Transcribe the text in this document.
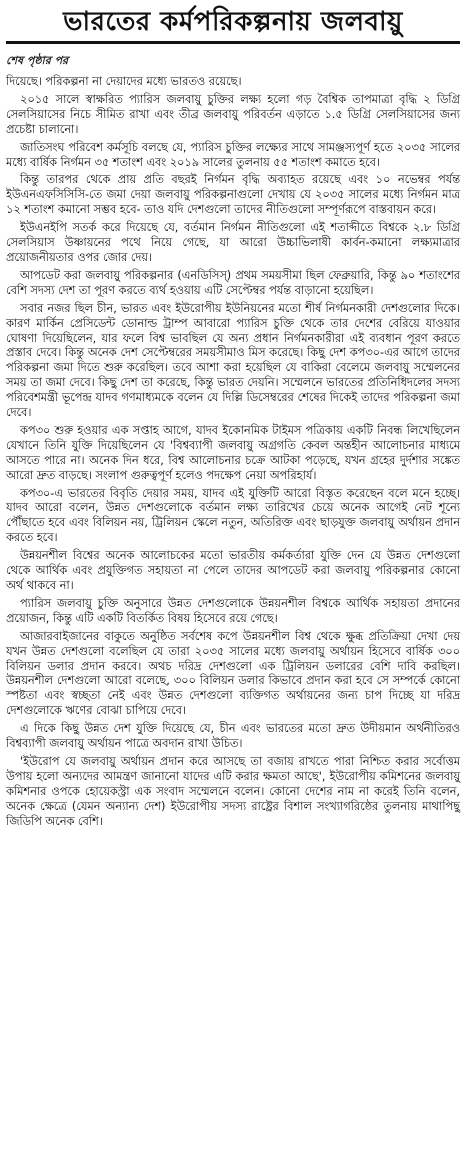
ভারতের কর্মপরিকল্পনায় জলবায়ু
শেষ পৃষ্ঠার পর

দিয়েছে। পরিকল্পনা না দেয়াদের মধ্যে ভারতও রয়েছে।

২০১৫ সালে স্বাক্ষরিত প্যারিস জলবায়ু চুক্তির লক্ষ্য হলো গড় বৈশ্বিক তাপমাত্রা বৃদ্ধি ২ ডিগ্রি সেলসিয়াসের নিচে সীমিত রাখা এবং তীব্র জলবায়ু পরিবর্তন এড়াতে ১.৫ ডিগ্রি সেলসিয়াসের জন্য প্রচেষ্টা চালানো।

জাতিসংঘ পরিবেশ কর্মসূচি বলছে যে, প্যারিস চুক্তির লক্ষ্যের সাথে সামঞ্জস্যপূর্ণ হতে ২০৩৫ সালের মধ্যে বার্ষিক নির্গমন ৩৫ শতাংশ এবং ২০১৯ সালের তুলনায় ৫৫ শতাংশ কমাতে হবে।

কিন্তু তারপর থেকে প্রায় প্রতি বছরই নির্গমন বৃদ্ধি অব্যাহত রয়েছে এবং ১০ নভেম্বর পর্যন্ত ইউএনএফসিসিসি-তে জমা দেয়া জলবায়ু পরিকল্পনাগুলো দেখায় যে ২০৩৫ সালের মধ্যে নির্গমন মাত্র ১২ শতাংশ কমানো সম্ভব হবে- তাও যদি দেশগুলো তাদের নীতিগুলো সম্পূর্ণরূপে বাস্তবায়ন করে।

ইউএনইপি সতর্ক করে দিয়েছে যে, বর্তমান নির্গমন নীতিগুলো এই শতাব্দীতে বিশ্বকে ২.৮ ডিগ্রি সেলসিয়াস উষ্ণায়নের পথে নিয়ে গেছে, যা আরো উচ্চাভিলাষী কার্বন-কমানো লক্ষ্যমাত্রার প্রয়োজনীয়তার ওপর জোর দেয়।

আপডেট করা জলবায়ু পরিকল্পনার (এনডিসিস্) প্রথম সময়সীমা ছিল ফেব্রুয়ারি, কিন্তু ৯০ শতাংশের বেশি সদস্য দেশ তা পূরণ করতে ব্যর্থ হওয়ায় এটি সেপ্টেম্বর পর্যন্ত বাড়ানো হয়েছিল।

সবার নজর ছিল চীন, ভারত এবং ইউরোপীয় ইউনিয়নের মতো শীর্ষ নির্গমনকারী দেশগুলোর দিকে। কারণ মার্কিন প্রেসিডেন্ট ডোনাল্ড ট্রাম্প আবারো প্যারিস চুক্তি থেকে তার দেশের বেরিয়ে যাওয়ার ঘোষণা দিয়েছিলেন, যার ফলে বিশ্ব ভাবছিল যে অন্য প্রধান নির্গমনকারীরা এই ব্যবধান পূরণ করতে প্রস্তাব দেবে। কিন্তু অনেক দেশ সেপ্টেম্বরের সময়সীমাও মিস করেছে। কিছু দেশ কপ৩০-এর আগে তাদের পরিকল্পনা জমা দিতে শুরু করেছিল। তবে আশা করা হয়েছিল যে বাকিরা বেলেমে জলবায়ু সম্মেলনের সময় তা জমা দেবে। কিছু দেশ তা করেছে, কিন্তু ভারত দেয়নি। সম্মেলনে ভারতের প্রতিনিধিদলের সদস্য পরিবেশমন্ত্রী ভূপেন্দ্র যাদব গণমাধ্যমকে বলেন যে দিল্লি ডিসেম্বরের শেষের দিকেই তাদের পরিকল্পনা জমা দেবে।

কপ৩০ শুরু হওয়ার এক সপ্তাহ আগে, যাদব ইকোনমিক টাইমস পত্রিকায় একটি নিবন্ধ লিখেছিলেন যেখানে তিনি যুক্তি দিয়েছিলেন যে 'বিশ্বব্যাপী জলবায়ু অগ্রগতি কেবল অন্তহীন আলোচনার মাধ্যমে আসতে পারে না। অনেক দিন ধরে, বিশ্ব আলোচনার চক্রে আটকা পড়েছে, যখন গ্রহের দুর্দশার সঙ্কেত আরো দ্রুত বাড়ছে। সংলাপ গুরুত্বপূর্ণ হলেও পদক্ষেপ নেয়া অপরিহার্য।

কপ৩০-এ ভারতের বিবৃতি দেয়ার সময়, যাদব এই যুক্তিটি আরো বিস্তৃত করেছেন বলে মনে হচ্ছে। যাদব আরো বলেন, উন্নত দেশগুলোকে বর্তমান লক্ষ্য তারিখের চেয়ে অনেক আগেই নেট শূন্যে পৌঁছাতে হবে এবং বিলিয়ন নয়, ট্রিলিয়ন স্কেলে নতুন, অতিরিক্ত এবং ছাড়যুক্ত জলবায়ু অর্থায়ন প্রদান করতে হবে।

উন্নয়নশীল বিশ্বের অনেক আলোচকের মতো ভারতীয় কর্মকর্তারা যুক্তি দেন যে উন্নত দেশগুলো থেকে আর্থিক এবং প্রযুক্তিগত সহায়তা না পেলে তাদের আপডেট করা জলবায়ু পরিকল্পনার কোনো অর্থ থাকবে না।

প্যারিস জলবায়ু চুক্তি অনুসারে উন্নত দেশগুলোকে উন্নয়নশীল বিশ্বকে আর্থিক সহায়তা প্রদানের প্রয়োজন, কিন্তু এটি একটি বিতর্কিত বিষয় হিসেবে রয়ে গেছে।

আজারবাইজানের বাকুতে অনুষ্ঠিত সর্বশেষ কপে উন্নয়নশীল বিশ্ব থেকে ক্ষুব্ধ প্রতিক্রিয়া দেখা দেয় যখন উন্নত দেশগুলো বলেছিল যে তারা ২০৩৫ সালের মধ্যে জলবায়ু অর্থায়ন হিসেবে বার্ষিক ৩০০ বিলিয়ন ডলার প্রদান করবে। অথচ দরিদ্র দেশগুলো এক ট্রিলিয়ন ডলারের বেশি দাবি করছিল। উন্নয়নশীল দেশগুলো আরো বলেছে, ৩০০ বিলিয়ন ডলার কিভাবে প্রদান করা হবে সে সম্পর্কে কোনো স্পষ্টতা এবং স্বচ্ছতা নেই এবং উন্নত দেশগুলো ব্যক্তিগত অর্থায়নের জন্য চাপ দিচ্ছে যা দরিদ্র দেশগুলোকে ঋণের বোঝা চাপিয়ে দেবে।

এ দিকে কিছু উন্নত দেশ যুক্তি দিয়েছে যে, চীন এবং ভারতের মতো দ্রুত উদীয়মান অর্থনীতিরও বিশ্বব্যাপী জলবায়ু অর্থায়ন পাত্রে অবদান রাখা উচিত।

'ইউরোপ যে জলবায়ু অর্থায়ন প্রদান করে আসছে তা বজায় রাখতে পারা নিশ্চিত করার সর্বোত্তম উপায় হলো অন্যদের আমন্ত্রণ জানানো যাদের এটি করার ক্ষমতা আছে', ইউরোপীয় কমিশনের জলবায়ু কমিশনার ওপকে হোয়েকস্ট্রা এক সংবাদ সম্মেলনে বলেন। কোনো দেশের নাম না করেই তিনি বলেন, অনেক ক্ষেত্রে (যেমন অন্যান্য দেশ) ইউরোপীয় সদস্য রাষ্ট্রের বিশাল সংখ্যাগরিষ্ঠের তুলনায় মাথাপিছু জিডিপি অনেক বেশি।
